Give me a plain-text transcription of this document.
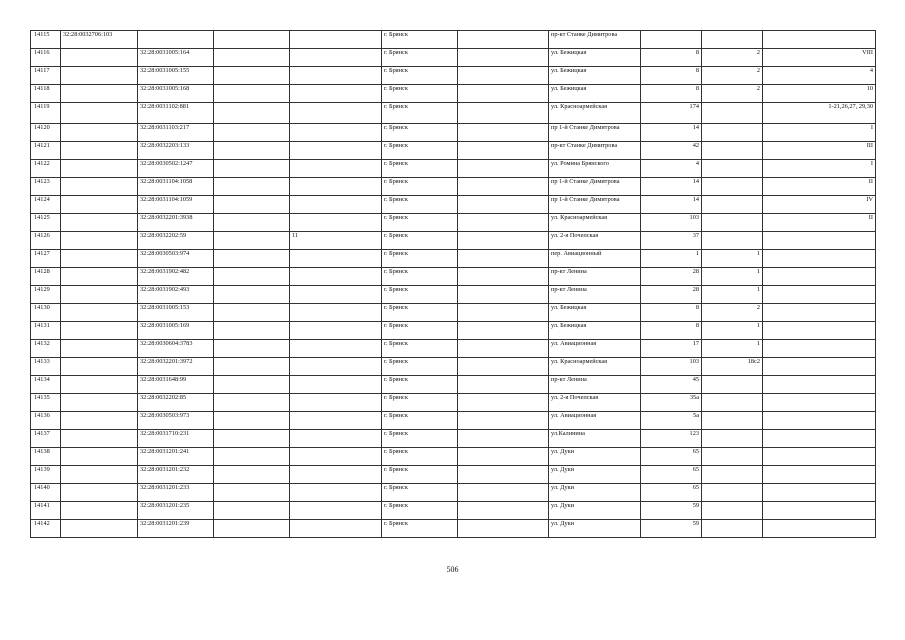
14115	32:28:0032706:103				г. Брянск		пр-кт Станке Димитрова			
14116		32:28:0031005:164			г. Брянск		ул. Бежицкая	8	2	VIII
14117		32:28:0031005:155			г. Брянск		ул. Бежицкая	8	2	4
14118		32:28:0031005:168			г. Брянск		ул. Бежицкая	8	2	10
14119		32:28:0031102:881			г. Брянск		ул. Красноармейская	174		1-21,26,27, 29,30
14120		32:28:0031103:217			г. Брянск		пр 1-й Станке Димитрова	14		I
14121		32:28:0032203:133			г. Брянск		пр-кт Станке Димитрова	42		III
14122		32:28:0030502:1247			г. Брянск		ул. Ромина Брянского	4		I
14123		32:28:0031104:1058			г. Брянск		пр 1-й Станке Димитрова	14		II
14124		32:28:0031104:1059			г. Брянск		пр 1-й Станке Димитрова	14		IV
14125		32:28:0032201:3938			г. Брянск		ул. Красноармейская	103		II
14126		32:28:0032202:59		11	г. Брянск		ул. 2-я Почепская	37		
14127		32:28:0030503:974			г. Брянск		пер. Авиационный	1	1	
14128		32:28:0031902:482			г. Брянск		пр-кт Ленина	28	1	
14129		32:28:0031902:493			г. Брянск		пр-кт Ленина	28	1	
14130		32:28:0031005:153			г. Брянск		ул. Бежицкая	8	2	
14131		32:28:0031005:169			г. Брянск		ул. Бежицкая	8	1	
14132		32:28:0030604:3783			г. Брянск		ул. Авиационная	17	1	
14133		32:28:0032201:3972			г. Брянск		ул. Красноармейская	103	18с2	
14134		32:28:0031648:99			г. Брянск		пр-кт Ленина	45		
14135		32:28:0032202:85			г. Брянск		ул. 2-я Почепская	35а		
14136		32:28:0030503:973			г. Брянск		ул. Авиационная	5а		
14137		32:28:0031710:231			г. Брянск		ул.Калинина	123		
14138		32:28:0031201:241			г. Брянск		ул. Дуки	65		
14139		32:28:0031201:232			г. Брянск		ул. Дуки	65		
14140		32:28:0031201:233			г. Брянск		ул. Дуки	65		
14141		32:28:0031201:235			г. Брянск		ул. Дуки	59		
14142		32:28:0031201:239			г. Брянск		ул. Дуки	59		
506
